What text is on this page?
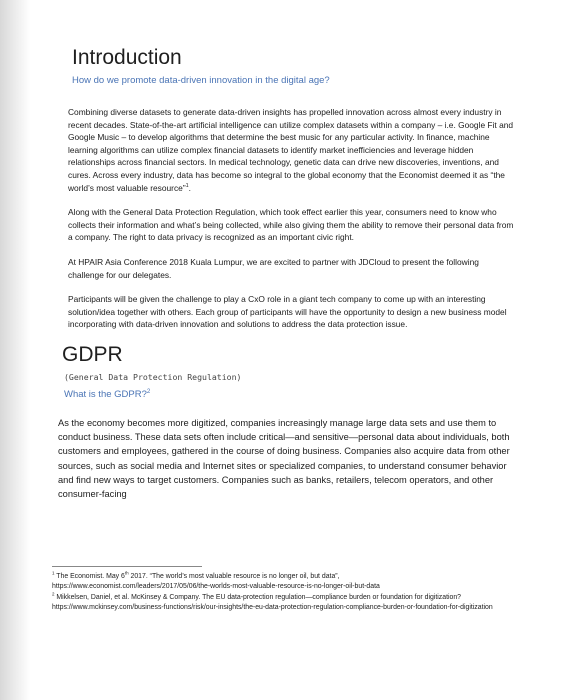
Introduction

How do we promote data-driven innovation in the digital age?

Combining diverse datasets to generate data-driven insights has propelled innovation across almost every industry in recent decades. State-of-the-art artificial intelligence can utilize complex datasets within a company – i.e. Google Fit and Google Music – to develop algorithms that determine the best music for any particular activity. In finance, machine learning algorithms can utilize complex financial datasets to identify market inefficiencies and leverage hidden relationships across financial sectors. In medical technology, genetic data can drive new discoveries, inventions, and cures. Across every industry, data has become so integral to the global economy that the Economist deemed it as “the world’s most valuable resource”$^1$.

Along with the General Data Protection Regulation, which took effect earlier this year, consumers need to know who collects their information and what’s being collected, while also giving them the ability to remove their personal data from a company. The right to data privacy is recognized as an important civic right.

At HPAIR Asia Conference 2018 Kuala Lumpur, we are excited to partner with JDCloud to present the following challenge for our delegates.

Participants will be given the challenge to play a CxO role in a giant tech company to come up with an interesting solution/idea together with others. Each group of participants will have the opportunity to design a new business model incorporating with data-driven innovation and solutions to address the data protection issue.

GDPR

(General Data Protection Regulation)

What is the GDPR?$^2$

As the economy becomes more digitized, companies increasingly manage large data sets and use them to conduct business. These data sets often include critical—and sensitive—personal data about individuals, both customers and employees, gathered in the course of doing business. Companies also acquire data from other sources, such as social media and Internet sites or specialized companies, to understand consumer behavior and find new ways to target customers. Companies such as banks, retailers, telecom operators, and other consumer-facing

$^1$ The Economist. May 6th 2017. “The world’s most valuable resource is no longer oil, but data”,
https://www.economist.com/leaders/2017/05/06/the-worlds-most-valuable-resource-is-no-longer-oil-but-data
$^2$ Mikkelsen, Daniel, et al. McKinsey & Company. The EU data-protection regulation—compliance burden or foundation for digitization? https://www.mckinsey.com/business-functions/risk/our-insights/the-eu-data-protection-regulation-compliance-burden-or-foundation-for-digitization
